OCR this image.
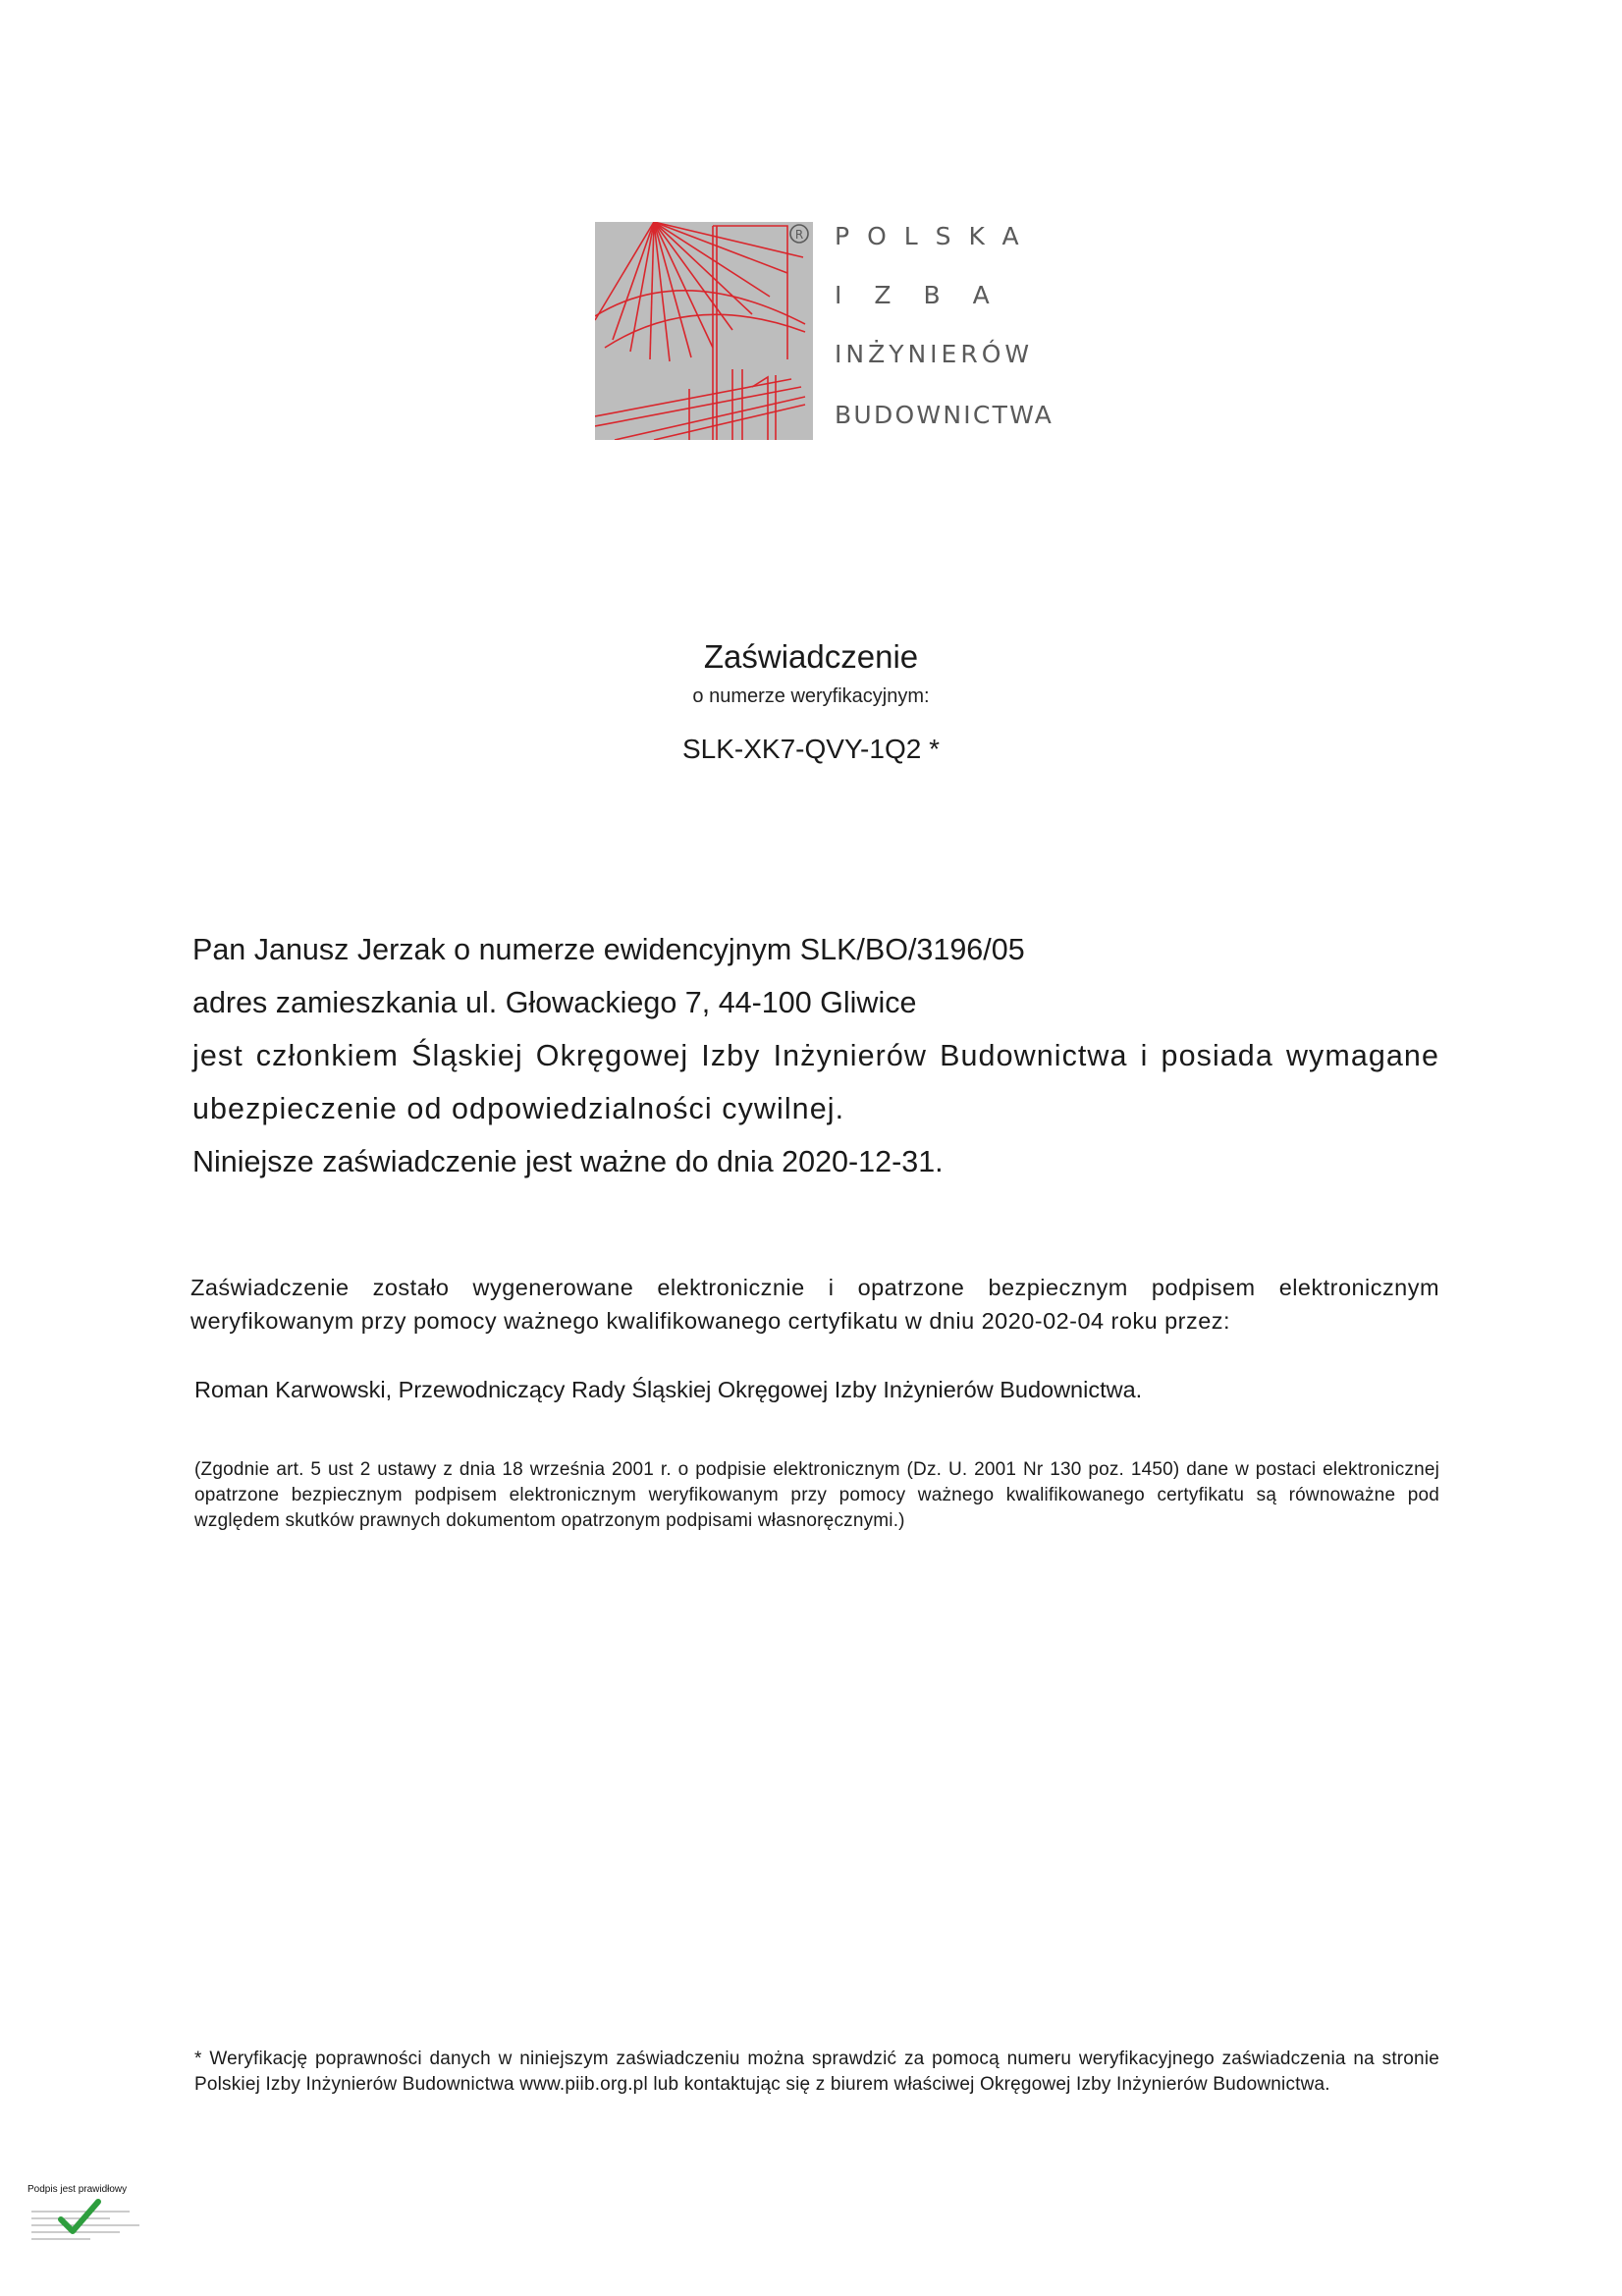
R POLSKA
IZBA
INŻYNIERÓW
BUDOWNICTWA
Zaświadczenie
o numerze weryfikacyjnym:
SLK-XK7-QVY-1Q2 *
Pan Janusz Jerzak o numerze ewidencyjnym SLK/BO/3196/05
adres zamieszkania ul. Głowackiego 7, 44-100 Gliwice
jest członkiem Śląskiej Okręgowej Izby Inżynierów Budownictwa i posiada wymagane
ubezpieczenie od odpowiedzialności cywilnej.
Niniejsze zaświadczenie jest ważne do dnia 2020-12-31.
Zaświadczenie zostało wygenerowane elektronicznie i opatrzone bezpiecznym podpisem elektronicznym weryfikowanym przy pomocy ważnego kwalifikowanego certyfikatu w dniu 2020-02-04 roku przez:
Roman Karwowski, Przewodniczący Rady Śląskiej Okręgowej Izby Inżynierów Budownictwa.
(Zgodnie art. 5 ust 2 ustawy z dnia 18 września 2001 r. o podpisie elektronicznym (Dz. U. 2001 Nr 130 poz. 1450) dane w postaci elektronicznej opatrzone bezpiecznym podpisem elektronicznym weryfikowanym przy pomocy ważnego kwalifikowanego certyfikatu są równoważne pod względem skutków prawnych dokumentom opatrzonym podpisami własnoręcznymi.)
* Weryfikację poprawności danych w niniejszym zaświadczeniu można sprawdzić za pomocą numeru weryfikacyjnego zaświadczenia na stronie Polskiej Izby Inżynierów Budownictwa www.piib.org.pl lub kontaktując się z biurem właściwej Okręgowej Izby Inżynierów Budownictwa.
Podpis jest prawidłowy
